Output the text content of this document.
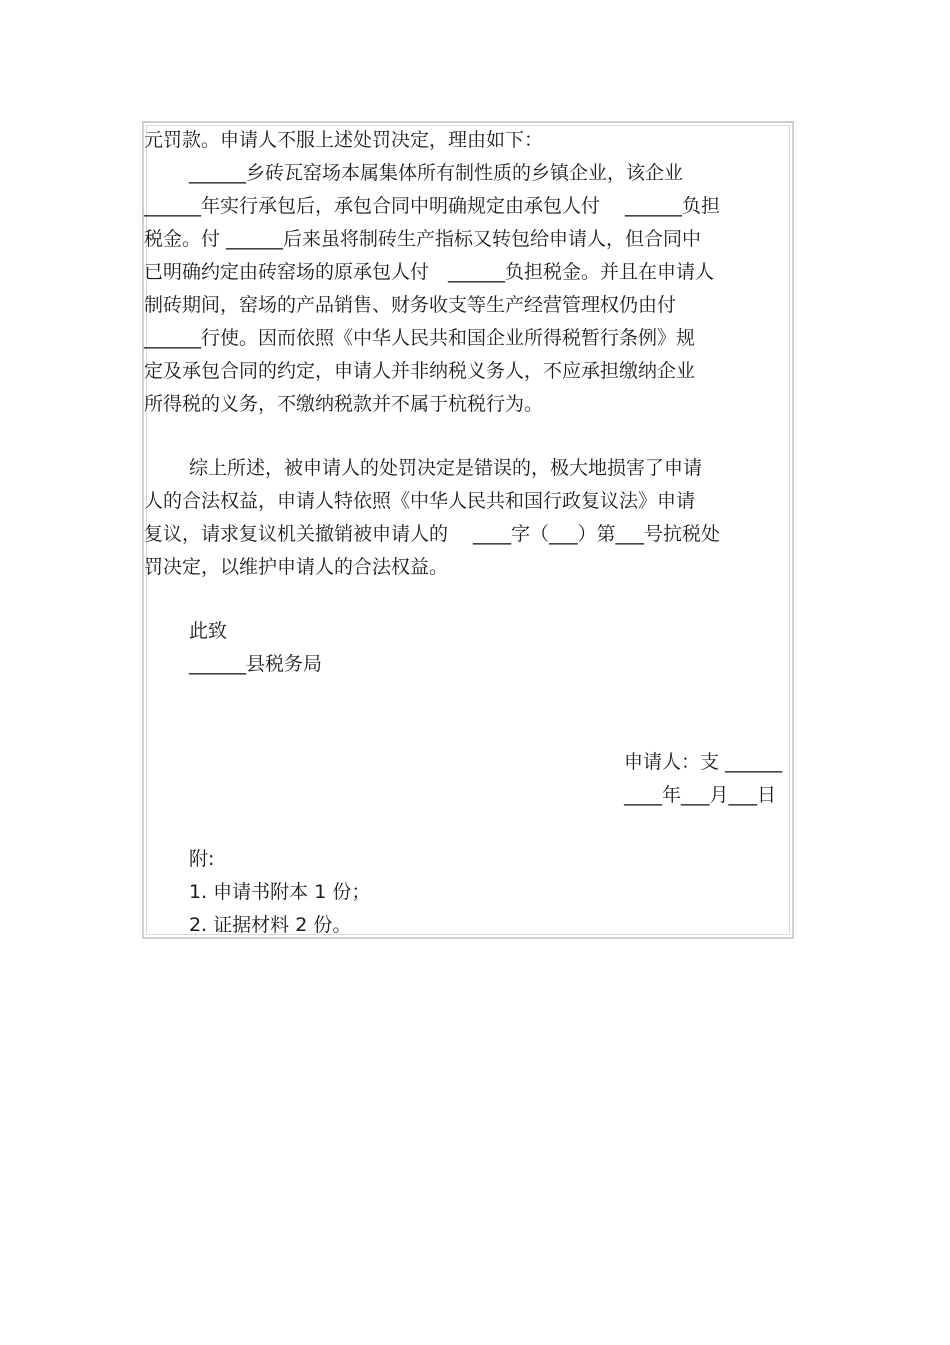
元罚款。申请人不服上述处罚决定，理由如下：
______乡砖瓦窑场本属集体所有制性质的乡镇企业，该企业
______年实行承包后，承包合同中明确规定由承包人付　 ______负担
税金。付 ______后来虽将制砖生产指标又转包给申请人，但合同中
已明确约定由砖窑场的原承包人付　______负担税金。并且在申请人
制砖期间，窑场的产品销售、财务收支等生产经营管理权仍由付
______行使。因而依照《中华人民共和国企业所得税暂行条例》规
定及承包合同的约定，申请人并非纳税义务人，不应承担缴纳企业
所得税的义务，不缴纳税款并不属于杭税行为。
综上所述，被申请人的处罚决定是错误的，极大地损害了申请
人的合法权益，申请人特依照《中华人民共和国行政复议法》申请
复议，请求复议机关撤销被申请人的　 ____字（___）第___号抗税处
罚决定，以维护申请人的合法权益。
此致
______县税务局
申请人：支 ______
____年___月___日
附:
1. 申请书附本 1 份；
2. 证据材料 2 份。
